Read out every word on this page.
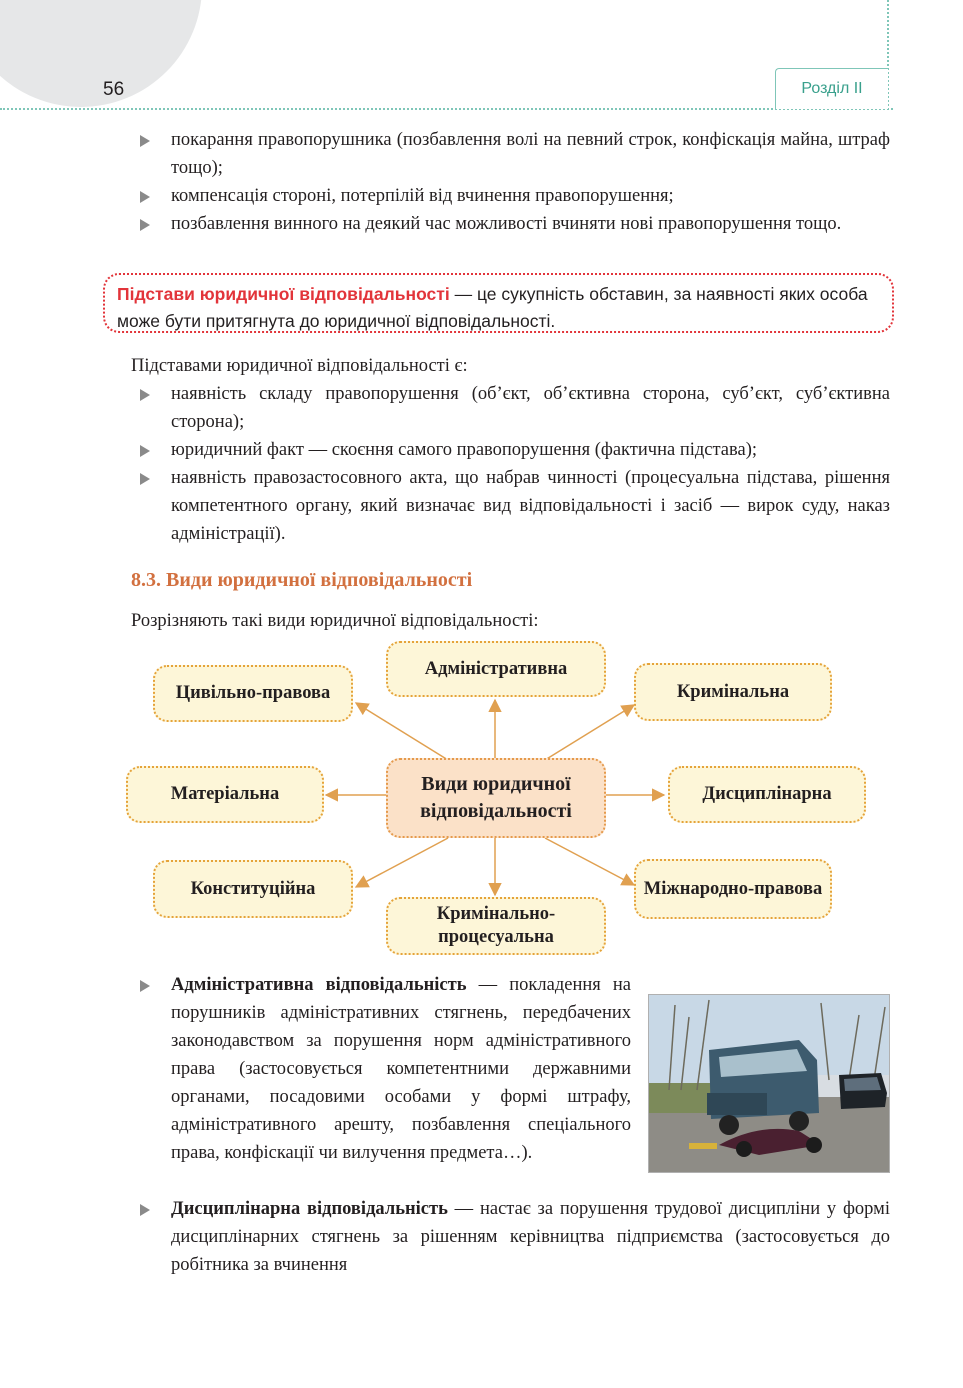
56	Розділ ІІ
покарання правопорушника (позбавлення волі на певний строк, конфіскація майна, штраф тощо);
компенсація стороні, потерпілій від вчинення правопорушення;
позбавлення винного на деякий час можливості вчиняти нові правопорушення тощо.
Підстави юридичної відповідальності — це сукупність обставин, за наявності яких особа може бути притягнута до юридичної відповідальності.
Підставами юридичної відповідальності є:
наявність складу правопорушення (об’єкт, об’єктивна сторона, суб’єкт, суб’єктивна сторона);
юридичний факт — скоєння самого правопорушення (фактична підстава);
наявність правозастосовного акта, що набрав чинності (процесуальна підстава, рішення компетентного органу, який визначає вид відповідальності і засіб — вирок суду, наказ адміністрації).
8.3. Види юридичної відповідальності
Розрізняють такі види юридичної відповідальності:
Цивільно-правова
Адміністративна
Кримінальна
Матеріальна	Види юридичної відповідальності
Дисциплінарна
Конституційна
Кримінально-процесуальна
Міжнародно-правова
Адміністративна відповідальність — покладення на порушників адміністративних стягнень, передбачених законодавством за порушення норм адміністративного права (застосовується компетентними державними органами, посадовими особами у формі штрафу, адміністративного арешту, позбавлення спеціального права, конфіскації чи вилучення предмета…).
Дисциплінарна відповідальність — настає за порушення трудової дисципліни у формі дисциплінарних стягнень за рішенням керівництва підприємства (застосовується до робітника за вчинення
